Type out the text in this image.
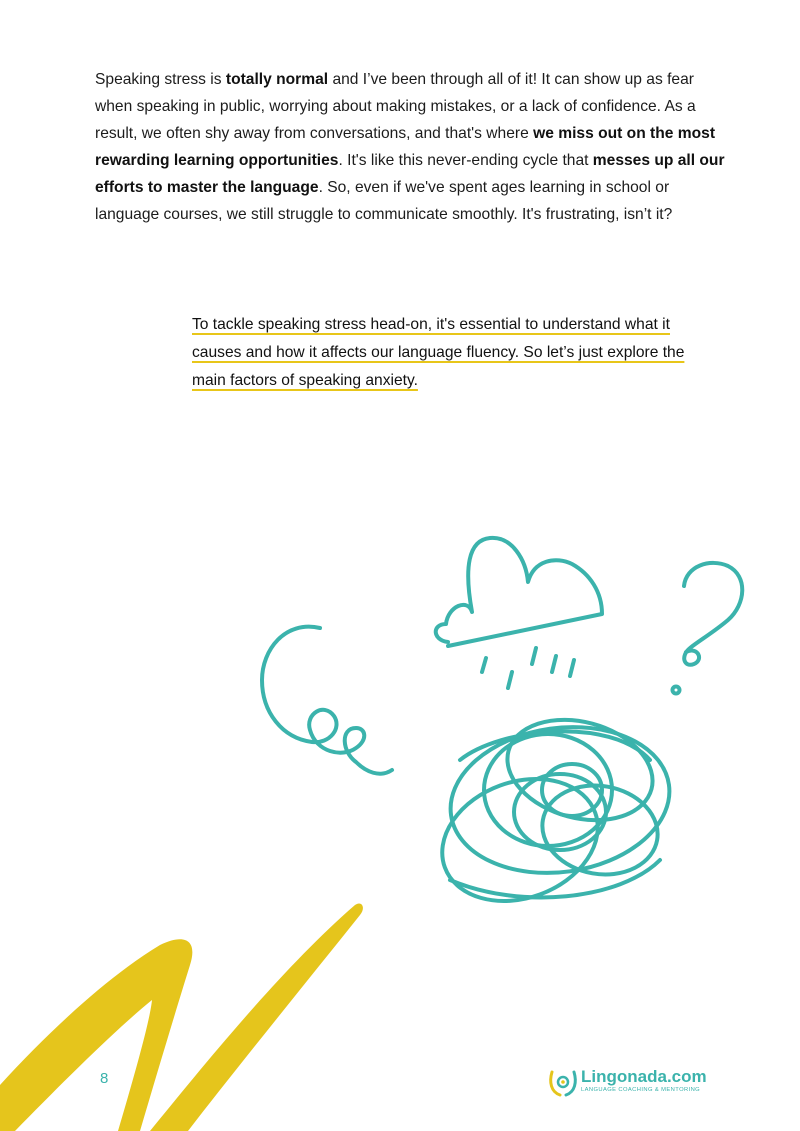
Speaking stress is totally normal and I’ve been through all of it! It can show up as fear when speaking in public, worrying about making mistakes, or a lack of confidence. As a result, we often shy away from conversations, and that's where we miss out on the most rewarding learning opportunities. It's like this never-ending cycle that messes up all our efforts to master the language. So, even if we've spent ages learning in school or language courses, we still struggle to communicate smoothly. It's frustrating, isn’t it?

To tackle speaking stress head-on, it's essential to understand what it causes and how it affects our language fluency. So let’s just explore the main factors of speaking anxiety.

8	Lingonada.com
LANGUAGE COACHING & MENTORING
